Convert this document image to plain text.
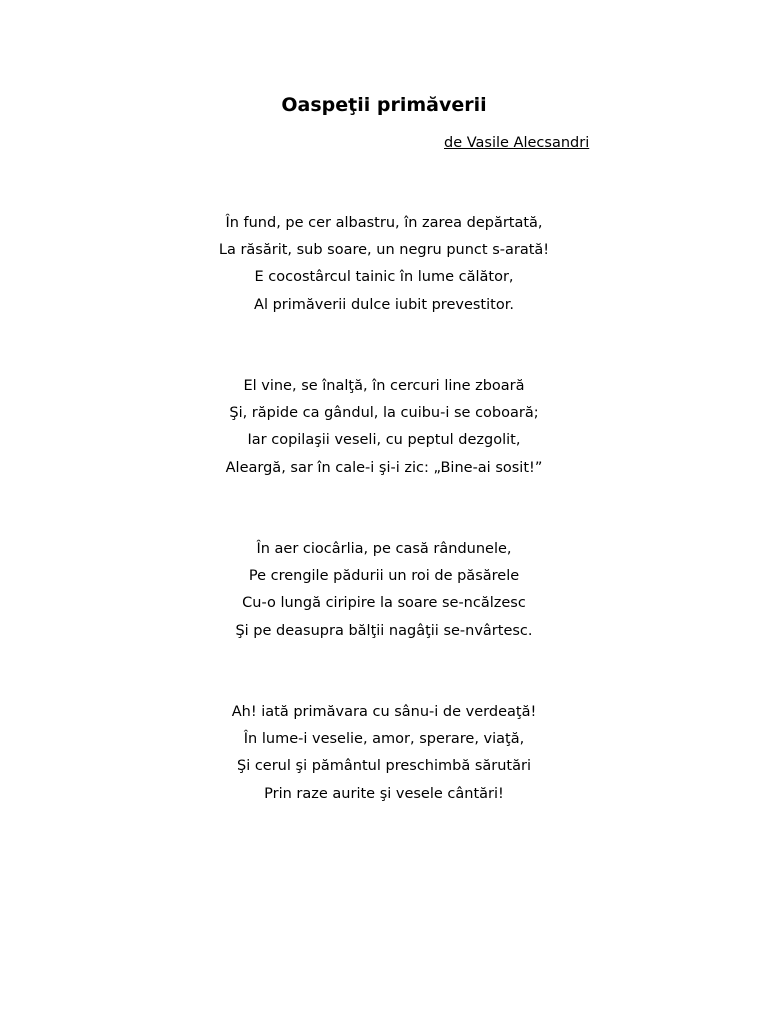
Oaspeţii primăverii
de Vasile Alecsandri
În fund, pe cer albastru, în zarea depărtată,
La răsărit, sub soare, un negru punct s-arată!
E cocostârcul tainic în lume călător,
Al primăverii dulce iubit prevestitor.
El vine, se înalţă, în cercuri line zboară
Şi, răpide ca gândul, la cuibu-i se coboară;
Iar copilaşii veseli, cu peptul dezgolit,
Aleargă, sar în cale-i şi-i zic: „Bine-ai sosit!”
În aer ciocârlia, pe casă rândunele,
Pe crengile pădurii un roi de păsărele
Cu-o lungă ciripire la soare se-ncălzesc
Şi pe deasupra bălţii nagâţii se-nvârtesc.
Ah! iată primăvara cu sânu-i de verdeaţă!
În lume-i veselie, amor, sperare, viaţă,
Şi cerul şi pământul preschimbă sărutări
Prin raze aurite şi vesele cântări!
